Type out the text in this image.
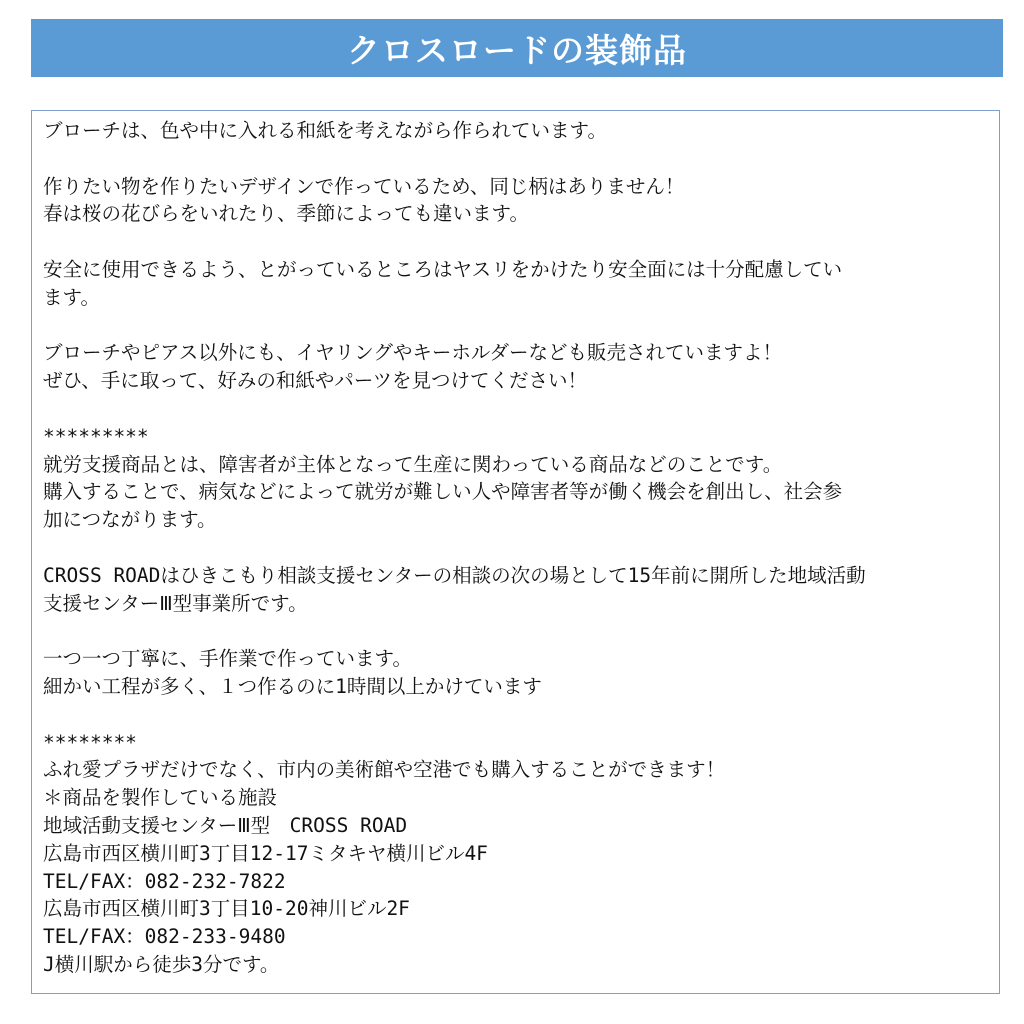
クロスロードの装飾品
ブローチは、色や中に入れる和紙を考えながら作られています。
作りたい物を作りたいデザインで作っているため、同じ柄はありません！
春は桜の花びらをいれたり、季節によっても違います。
安全に使用できるよう、とがっているところはヤスリをかけたり安全面には十分配慮してい
ます。
ブローチやピアス以外にも、イヤリングやキーホルダーなども販売されていますよ！
ぜひ、手に取って、好みの和紙やパーツを見つけてください！
*********
就労支援商品とは、障害者が主体となって生産に関わっている商品などのことです。
購入することで、病気などによって就労が難しい人や障害者等が働く機会を創出し、社会参
加につながります。
CROSS ROADはひきこもり相談支援センターの相談の次の場として15年前に開所した地域活動
支援センターⅢ型事業所です。
一つ一つ丁寧に、手作業で作っています。
細かい工程が多く、１つ作るのに1時間以上かけています
********
ふれ愛プラザだけでなく、市内の美術館や空港でも購入することができます！
＊商品を製作している施設
地域活動支援センターⅢ型　CROSS ROAD
広島市西区横川町3丁目12-17ミタキヤ横川ビル4F
TEL/FAX：082-232-7822
広島市西区横川町3丁目10-20神川ビル2F
TEL/FAX：082-233-9480
J横川駅から徒歩3分です。
